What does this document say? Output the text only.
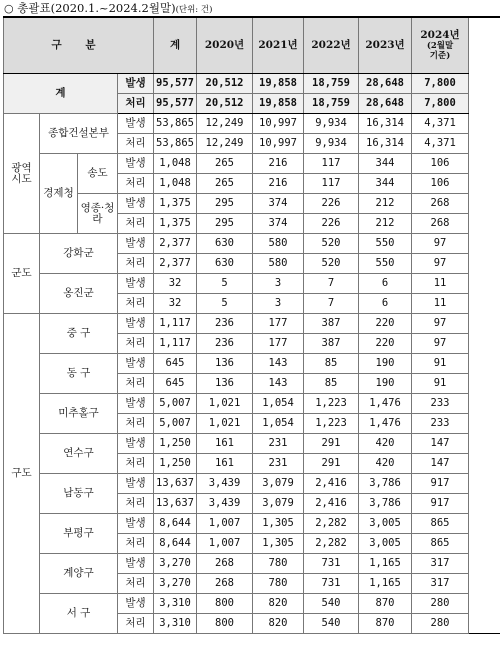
○ 총괄표(2020.1.~2024.2월말)(단위: 건)
구 분				계	2020년	2021년	2022년	2023년	2024년
(2월말
기준)

계			발생	95,577	20,512	19,858	18,759	28,648	7,800
			처리	95,577	20,512	19,858	18,759	28,648	7,800

광역
시도	종합건설본부		발생	53,865	12,249	10,997	9,934	16,314	4,371
			처리	53,865	12,249	10,997	9,934	16,314	4,371
	경제청	송도	발생	1,048	265	216	117	344	106
			처리	1,048	265	216	117	344	106
		영종·청라	발생	1,375	295	374	226	212	268
			처리	1,375	295	374	226	212	268

군도	강화군		발생	2,377	630	580	520	550	97
			처리	2,377	630	580	520	550	97
	옹진군		발생	32	5	3	7	6	11
			처리	32	5	3	7	6	11

구도	중 구		발생	1,117	236	177	387	220	97
			처리	1,117	236	177	387	220	97
	동 구		발생	645	136	143	85	190	91
			처리	645	136	143	85	190	91
	미추홀구		발생	5,007	1,021	1,054	1,223	1,476	233
			처리	5,007	1,021	1,054	1,223	1,476	233
	연수구		발생	1,250	161	231	291	420	147
			처리	1,250	161	231	291	420	147
	남동구		발생	13,637	3,439	3,079	2,416	3,786	917
			처리	13,637	3,439	3,079	2,416	3,786	917
	부평구		발생	8,644	1,007	1,305	2,282	3,005	865
			처리	8,644	1,007	1,305	2,282	3,005	865
	계양구		발생	3,270	268	780	731	1,165	317
			처리	3,270	268	780	731	1,165	317
	서 구		발생	3,310	800	820	540	870	280
			처리	3,310	800	820	540	870	280
